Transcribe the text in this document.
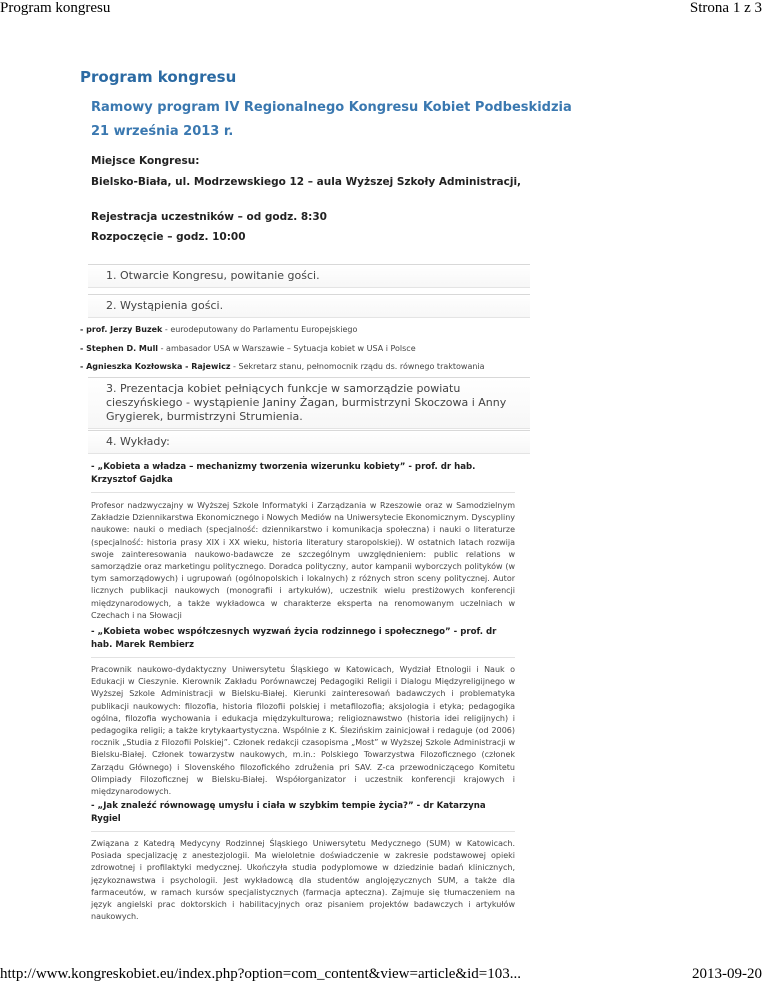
Program kongresu	Strona 1 z 3
Program kongresu
Ramowy program IV Regionalnego Kongresu Kobiet Podbeskidzia
21 września 2013 r.
Miejsce Kongresu:
Bielsko-Biała, ul. Modrzewskiego 12 – aula Wyższej Szkoły Administracji,
Rejestracja uczestników – od godz. 8:30
Rozpoczęcie – godz. 10:00
1. Otwarcie Kongresu, powitanie gości.
2. Wystąpienia gości.
- prof. Jerzy Buzek - eurodeputowany do Parlamentu Europejskiego
- Stephen D. Mull - ambasador USA w Warszawie – Sytuacja kobiet w USA i Polsce
- Agnieszka Kozłowska - Rajewicz - Sekretarz stanu, pełnomocnik rządu ds. równego traktowania
3. Prezentacja kobiet pełniących funkcje w samorządzie powiatu cieszyńskiego - wystąpienie Janiny Żagan, burmistrzyni Skoczowa i Anny Grygierek, burmistrzyni Strumienia.
4. Wykłady:
- „Kobieta a władza – mechanizmy tworzenia wizerunku kobiety” - prof. dr hab. Krzysztof Gajdka
Profesor nadzwyczajny w Wyższej Szkole Informatyki i Zarządzania w Rzeszowie oraz w Samodzielnym Zakładzie Dziennikarstwa Ekonomicznego i Nowych Mediów na Uniwersytecie Ekonomicznym. Dyscypliny naukowe: nauki o mediach (specjalność: dziennikarstwo i komunikacja społeczna) i nauki o literaturze (specjalność: historia prasy XIX i XX wieku, historia literatury staropolskiej). W ostatnich latach rozwija swoje zainteresowania naukowo-badawcze ze szczególnym uwzględnieniem: public relations w samorządzie oraz marketingu politycznego. Doradca polityczny, autor kampanii wyborczych polityków (w tym samorządowych) i ugrupowań (ogólnopolskich i lokalnych) z różnych stron sceny politycznej. Autor licznych publikacji naukowych (monografii i artykułów), uczestnik wielu prestiżowych konferencji międzynarodowych, a także wykładowca w charakterze eksperta na renomowanym uczelniach w Czechach i na Słowacji
- „Kobieta wobec współczesnych wyzwań życia rodzinnego i społecznego” - prof. dr hab. Marek Rembierz
Pracownik naukowo-dydaktyczny Uniwersytetu Śląskiego w Katowicach, Wydział Etnologii i Nauk o Edukacji w Cieszynie. Kierownik Zakładu Porównawczej Pedagogiki Religii i Dialogu Międzyreligijnego w Wyższej Szkole Administracji w Bielsku-Białej. Kierunki zainteresowań badawczych i problematyka publikacji naukowych: filozofia, historia filozofii polskiej i metafilozofia; aksjologia i etyka; pedagogika ogólna, filozofia wychowania i edukacja międzykulturowa; religioznawstwo (historia idei religijnych) i pedagogika religii; a także krytykaartystyczna. Wspólnie z K. Ślezińskim zainicjował i redaguje (od 2006) rocznik „Studia z Filozofii Polskiej”. Członek redakcji czasopisma „Most” w Wyższej Szkole Administracji w Bielsku-Białej. Członek towarzystw naukowych, m.in.: Polskiego Towarzystwa Filozoficznego (członek Zarządu Głównego) i Slovenského filozofického združenia pri SAV. Z-ca przewodniczącego Komitetu Olimpiady Filozoficznej w Bielsku-Białej. Współorganizator i uczestnik konferencji krajowych i międzynarodowych.
- „Jak znaleźć równowagę umysłu i ciała w szybkim tempie życia?” - dr Katarzyna Rygiel
Związana z Katedrą Medycyny Rodzinnej Śląskiego Uniwersytetu Medycznego (SUM) w Katowicach. Posiada specjalizację z anestezjologii. Ma wieloletnie doświadczenie w zakresie podstawowej opieki zdrowotnej i profilaktyki medycznej. Ukończyła studia podyplomowe w dziedzinie badań klinicznych, językoznawstwa i psychologii. Jest wykładowcą dla studentów anglojęzycznych SUM, a także dla farmaceutów, w ramach kursów specjalistycznych (farmacja apteczna). Zajmuje się tłumaczeniem na język angielski prac doktorskich i habilitacyjnych oraz pisaniem projektów badawczych i artykułów naukowych.
http://www.kongreskobiet.eu/index.php?option=com_content&view=article&id=103...	2013-09-20
